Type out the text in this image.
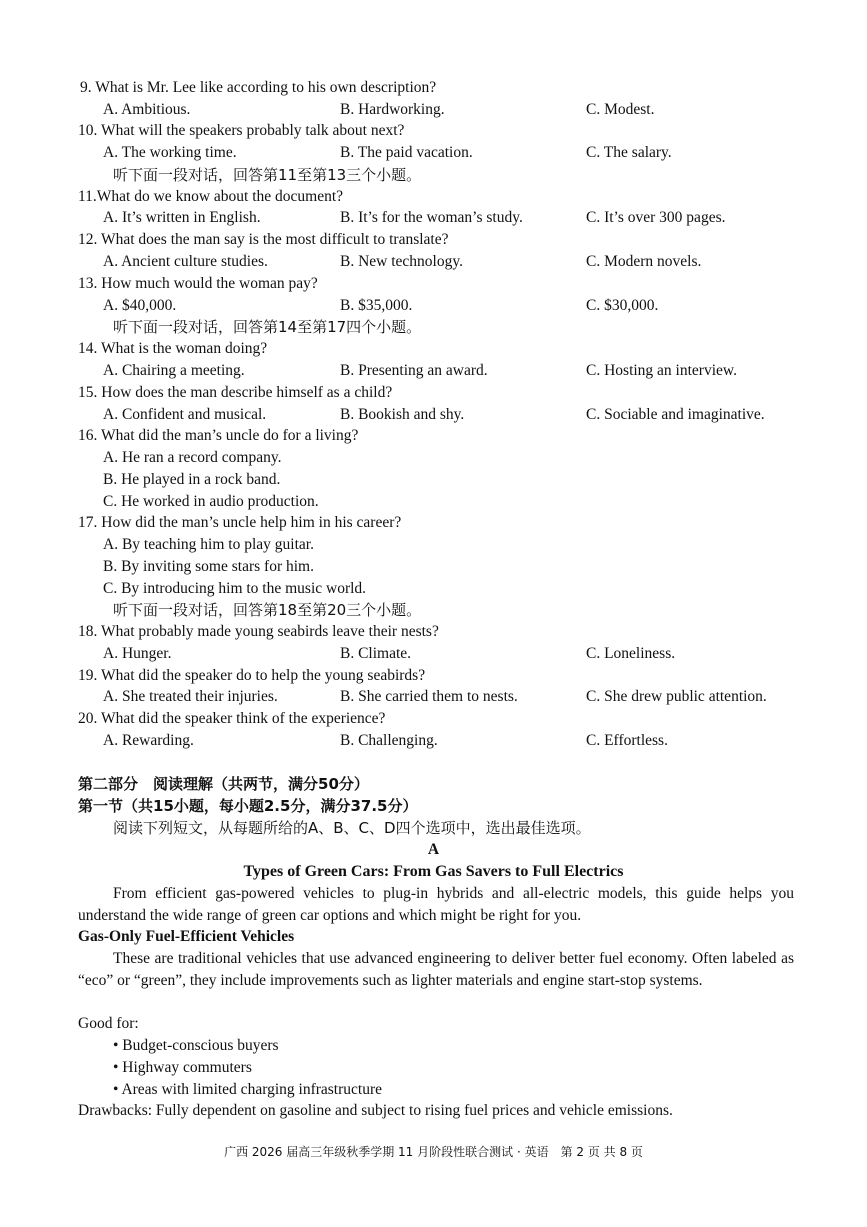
9. What is Mr. Lee like according to his own description?
A. Ambitious.	B. Hardworking.	C. Modest.
10. What will the speakers probably talk about next?
A. The working time.	B. The paid vacation.	C. The salary.
听下面一段对话，回答第11至第13三个小题。
11.What do we know about the document?
A. It’s written in English.	B. It’s for the woman’s study.	C. It’s over 300 pages.
12. What does the man say is the most difficult to translate?
A. Ancient culture studies.	B. New technology.	C. Modern novels.
13. How much would the woman pay?
A. $40,000.	B. $35,000.	C. $30,000.
听下面一段对话，回答第14至第17四个小题。
14. What is the woman doing?
A. Chairing a meeting.	B. Presenting an award.	C. Hosting an interview.
15. How does the man describe himself as a child?
A. Confident and musical.	B. Bookish and shy.	C. Sociable and imaginative.
16. What did the man’s uncle do for a living?
A. He ran a record company.
B. He played in a rock band.
C. He worked in audio production.
17. How did the man’s uncle help him in his career?
A. By teaching him to play guitar.
B. By inviting some stars for him.
C. By introducing him to the music world.
听下面一段对话，回答第18至第20三个小题。
18. What probably made young seabirds leave their nests?
A. Hunger.	B. Climate.	C. Loneliness.
19. What did the speaker do to help the young seabirds?
A. She treated their injuries.	B. She carried them to nests.	C. She drew public attention.
20. What did the speaker think of the experience?
A. Rewarding.	B. Challenging.	C. Effortless.
第二部分　阅读理解（共两节，满分50分）
第一节（共15小题，每小题2.5分，满分37.5分）
阅读下列短文，从每题所给的A、B、C、D四个选项中，选出最佳选项。
A
Types of Green Cars: From Gas Savers to Full Electrics
From efficient gas-powered vehicles to plug-in hybrids and all-electric models, this guide helps you understand the wide range of green car options and which might be right for you.
Gas-Only Fuel-Efficient Vehicles
These are traditional vehicles that use advanced engineering to deliver better fuel economy. Often labeled as “eco” or “green”, they include improvements such as lighter materials and engine start-stop systems.
Good for:
• Budget-conscious buyers
• Highway commuters
• Areas with limited charging infrastructure
Drawbacks: Fully dependent on gasoline and subject to rising fuel prices and vehicle emissions.
广西 2026 届高三年级秋季学期 11 月阶段性联合测试 · 英语　第 2 页 共 8 页
